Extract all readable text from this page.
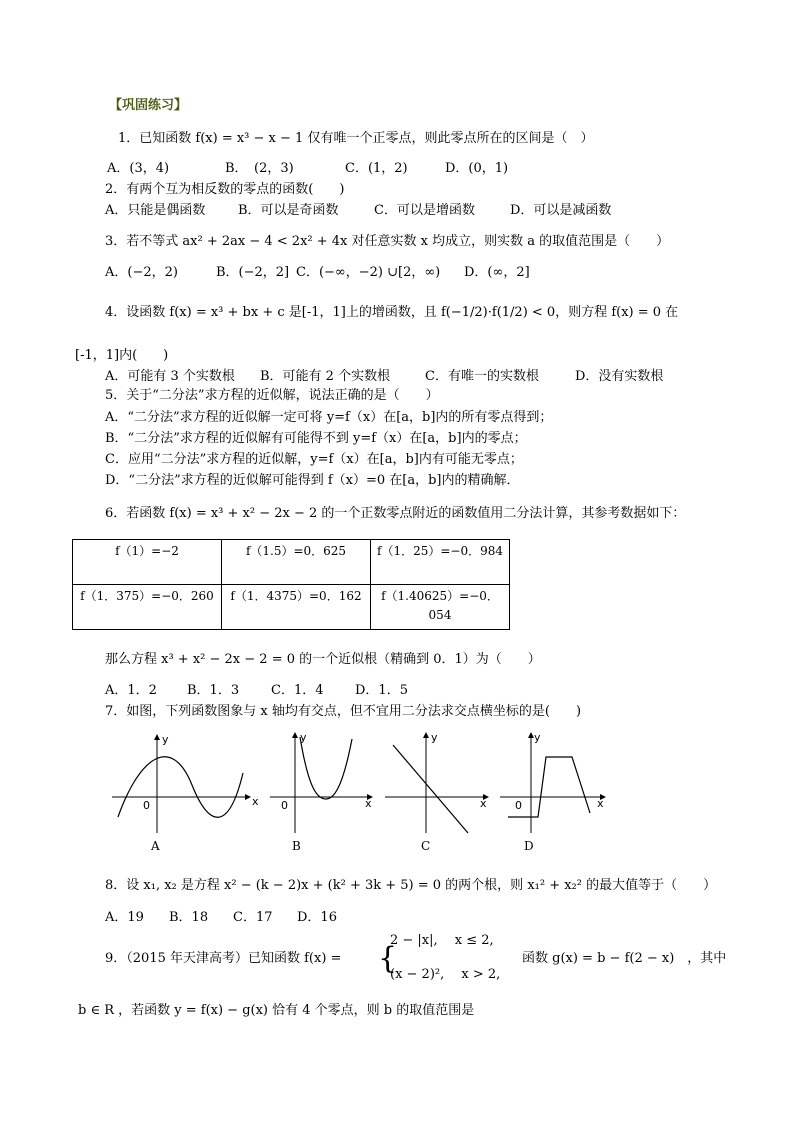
【巩固练习】
1．已知函数 f(x) = x³ − x − 1 仅有唯一个正零点，则此零点所在的区间是（　）
A．(3，4)	B．　(2，3)	C．(1，2)	D．(0，1)
2．有两个互为相反数的零点的函数(　　)
A．只能是偶函数	B．可以是奇函数	C．可以是增函数	D．可以是减函数
3．若不等式 ax² + 2ax − 4 < 2x² + 4x 对任意实数 x 均成立，则实数 a 的取值范围是（　　）
A．(−2，2)	B．(−2，2] C．(−∞，−2) ∪[2，∞) D．(∞，2]
4．设函数 f(x) = x³ + bx + c 是[-1，1]上的增函数，且 f(−1/2)·f(1/2) < 0，则方程 f(x) = 0 在
[-1，1]内(　　)
A．可能有 3 个实数根 B．可能有 2 个实数根	C．有唯一的实数根	D．没有实数根
5．关于“二分法”求方程的近似解，说法正确的是（　　）
A．“二分法”求方程的近似解一定可将 y=f（x）在[a，b]内的所有零点得到；
B．“二分法”求方程的近似解有可能得不到 y=f（x）在[a，b]内的零点；
C．应用“二分法”求方程的近似解，y=f（x）在[a，b]内有可能无零点；
D．“二分法”求方程的近似解可能得到 f（x）=0 在[a，b]内的精确解．
6．若函数 f(x) = x³ + x² − 2x − 2 的一个正数零点附近的函数值用二分法计算，其参考数据如下：
f（1）=−2	f（1.5）=0．625	f（1．25）=−0．984
f（1．375）=−0．260	f（1．4375）=0．162	f（1.40625）=−0．054
那么方程 x³ + x² − 2x − 2 = 0 的一个近似根（精确到 0．1）为（　　）
A．1．2 B．1．3 C．1．4 D．1．5
7．如图，下列函数图象与 x 轴均有交点，但不宜用二分法求交点横坐标的是(　　)
y
x
0
y
x
0
y
x
y
x
0
A	B	C	D
8．设 x₁, x₂ 是方程 x² − (k − 2)x + (k² + 3k + 5) = 0 的两个根，则 x₁² + x₂² 的最大值等于（　　）
A．19 B．18 C．17 D．16
9．（2015 年天津高考）已知函数 f(x) = {
2 − |x|,　 x ≤ 2,
(x − 2)²,　 x > 2,
函数 g(x) = b − f(2 − x)　，其中
b ∈ R ，若函数 y = f(x) − g(x) 恰有 4 个零点，则 b 的取值范围是
